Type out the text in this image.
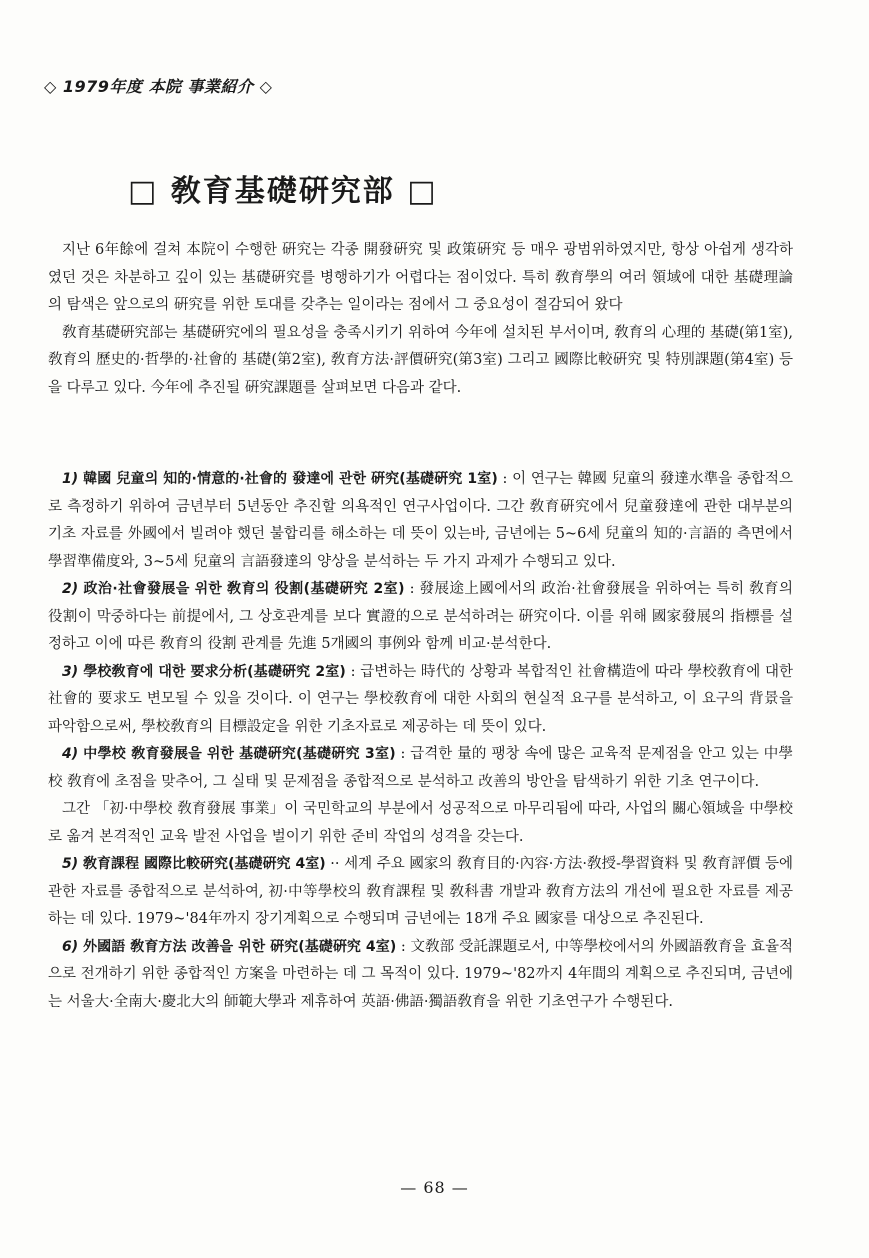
◇ 1979年度 本院 事業紹介 ◇
□ 敎育基礎硏究部 □

지난 6年餘에 걸쳐 本院이 수행한 硏究는 각종 開發硏究 및 政策硏究 등 매우 광범위하였지만, 항상 아쉽게 생각하였던 것은 차분하고 깊이 있는 基礎硏究를 병행하기가 어렵다는 점이었다. 특히 敎育學의 여러 領域에 대한 基礎理論의 탐색은 앞으로의 硏究를 위한 토대를 갖추는 일이라는 점에서 그 중요성이 절감되어 왔다

敎育基礎硏究部는 基礎硏究에의 필요성을 충족시키기 위하여 今年에 설치된 부서이며, 敎育의 心理的 基礎(第1室), 敎育의 歷史的·哲學的·社會的 基礎(第2室), 敎育方法·評價硏究(第3室) 그리고 國際比較硏究 및 特別課題(第4室) 등을 다루고 있다. 今年에 추진될 硏究課題를 살펴보면 다음과 같다.

1) 韓國 兒童의 知的·情意的·社會的 發達에 관한 硏究(基礎硏究 1室) : 이 연구는 韓國 兒童의 發達水準을 종합적으로 측정하기 위하여 금년부터 5년동안 추진할 의욕적인 연구사업이다. 그간 敎育硏究에서 兒童發達에 관한 대부분의 기초 자료를 外國에서 빌려야 했던 불합리를 해소하는 데 뜻이 있는바, 금년에는 5~6세 兒童의 知的·言語的 측면에서 學習準備度와, 3~5세 兒童의 言語發達의 양상을 분석하는 두 가지 과제가 수행되고 있다.

2) 政治·社會發展을 위한 敎育의 役割(基礎硏究 2室) : 發展途上國에서의 政治·社會發展을 위하여는 특히 敎育의 役割이 막중하다는 前提에서, 그 상호관계를 보다 實證的으로 분석하려는 硏究이다. 이를 위해 國家發展의 指標를 설정하고 이에 따른 敎育의 役割 관계를 先進 5개國의 事例와 함께 비교·분석한다.

3) 學校敎育에 대한 要求分析(基礎硏究 2室) : 급변하는 時代的 상황과 복합적인 社會構造에 따라 學校敎育에 대한 社會的 要求도 변모될 수 있을 것이다. 이 연구는 學校敎育에 대한 사회의 현실적 요구를 분석하고, 이 요구의 背景을 파악함으로써, 學校敎育의 目標設定을 위한 기초자료로 제공하는 데 뜻이 있다.

4) 中學校 敎育發展을 위한 基礎硏究(基礎硏究 3室) : 급격한 量的 팽창 속에 많은 교육적 문제점을 안고 있는 中學校 敎育에 초점을 맞추어, 그 실태 및 문제점을 종합적으로 분석하고 改善의 방안을 탐색하기 위한 기초 연구이다.

그간 「初·中學校 敎育發展 事業」이 국민학교의 부분에서 성공적으로 마무리됨에 따라, 사업의 關心領域을 中學校로 옮겨 본격적인 교육 발전 사업을 벌이기 위한 준비 작업의 성격을 갖는다.

5) 敎育課程 國際比較硏究(基礎硏究 4室) ·· 세계 주요 國家의 敎育目的·內容·方法·敎授-學習資料 및 敎育評價 등에 관한 자료를 종합적으로 분석하여, 初·中等學校의 敎育課程 및 敎科書 개발과 敎育方法의 개선에 필요한 자료를 제공하는 데 있다. 1979~'84年까지 장기계획으로 수행되며 금년에는 18개 주요 國家를 대상으로 추진된다.

6) 外國語 敎育方法 改善을 위한 硏究(基礎硏究 4室) : 文敎部 受託課題로서, 中等學校에서의 外國語敎育을 효율적으로 전개하기 위한 종합적인 方案을 마련하는 데 그 목적이 있다. 1979~'82까지 4年間의 계획으로 추진되며, 금년에는 서울大·全南大·慶北大의 師範大學과 제휴하여 英語·佛語·獨語敎育을 위한 기초연구가 수행된다.

— 68 —
